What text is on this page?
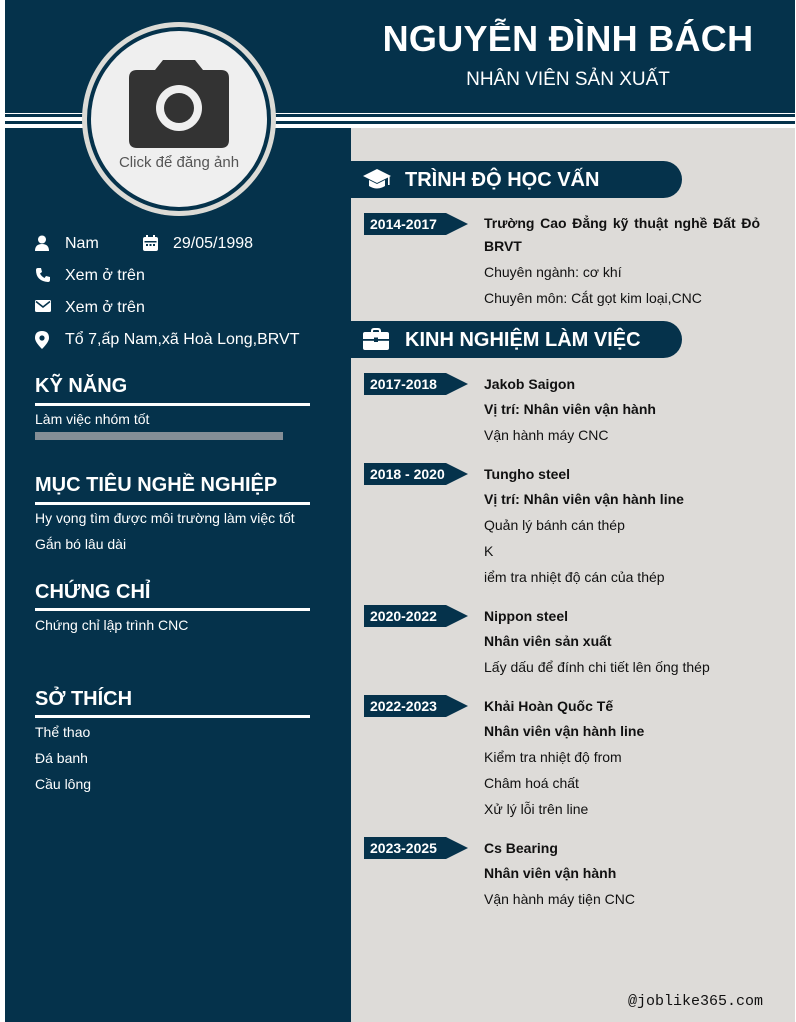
NGUYỄN ĐÌNH BÁCH
NHÂN VIÊN SẢN XUẤT
Click để đăng ảnh
Nam	29/05/1998
Xem ở trên
Xem ở trên
Tổ 7,ấp Nam,xã Hoà Long,BRVT
KỸ NĂNG
Làm việc nhóm tốt
MỤC TIÊU NGHỀ NGHIỆP
Hy vọng tìm được môi trường làm việc tốt
Gắn bó lâu dài
CHỨNG CHỈ
Chứng chỉ lập trình CNC
SỞ THÍCH
Thể thao
Đá banh
Cầu lông
TRÌNH ĐỘ HỌC VẤN
2014-2017	Trường Cao Đẳng kỹ thuật nghề Đất Đỏ BRVT
Chuyên ngành: cơ khí
Chuyên môn: Cắt gọt kim loại,CNC
KINH NGHIỆM LÀM VIỆC
2017-2018	Jakob Saigon
Vị trí: Nhân viên vận hành
Vận hành máy CNC
2018 - 2020	Tungho steel
Vị trí: Nhân viên vận hành line
Quản lý bánh cán thép
K
iểm tra nhiệt độ cán của thép
2020-2022	Nippon steel
Nhân viên sản xuất
Lấy dấu để đính chi tiết lên ống thép
2022-2023	Khải Hoàn Quốc Tế
Nhân viên vận hành line
Kiểm tra nhiệt độ from
Châm hoá chất
Xử lý lỗi trên line
2023-2025	Cs Bearing
Nhân viên vận hành
Vận hành máy tiện CNC
@joblike365.com
